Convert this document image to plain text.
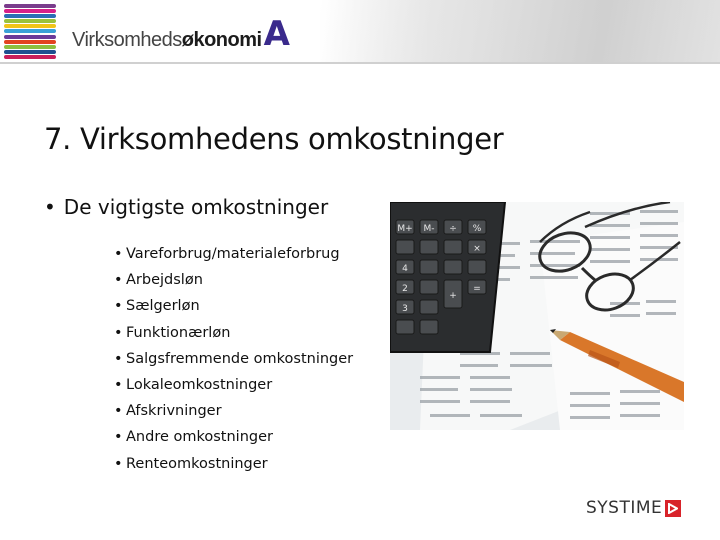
Virksomheds økonomi A
7. Virksomhedens omkostninger
• De vigtigste omkostninger
• Vareforbrug/materialeforbrug
• Arbejdsløn
• Sælgerløn
• Funktionærløn
• Salgsfremmende omkostninger
• Lokaleomkostninger
• Afskrivninger
• Andre omkostninger
• Renteomkostninger
M+ M- ÷ %
×
+
=
4
2
3
SYSTIME
